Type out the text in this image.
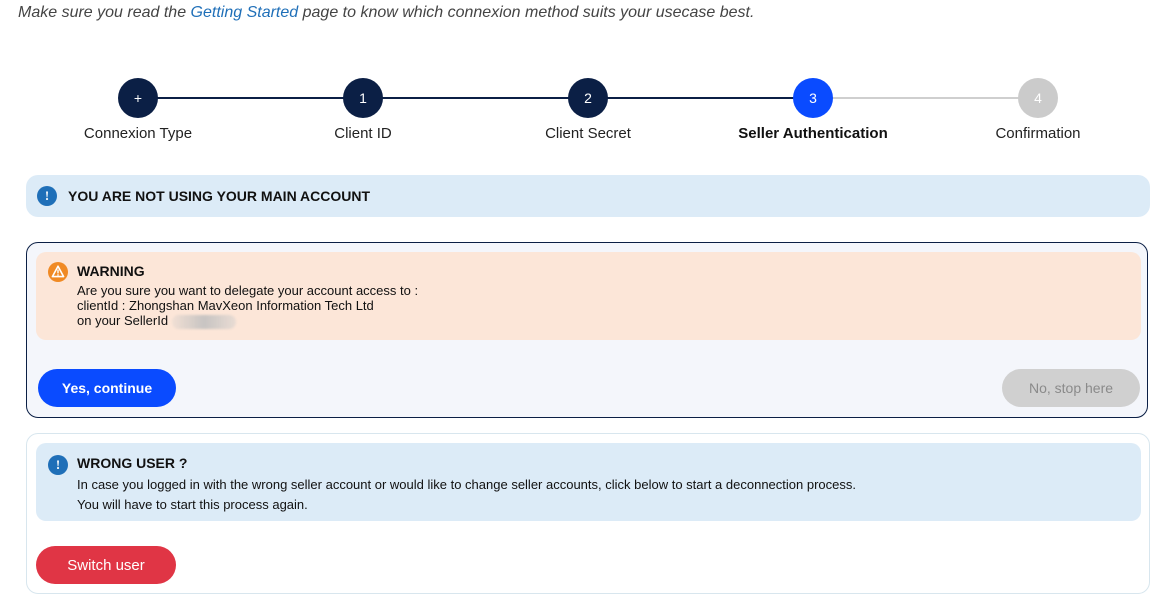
Make sure you read the Getting Started page to know which connexion method suits your usecase best.
+
Connexion Type
1
Client ID
2
Client Secret
3
Seller Authentication
4
Confirmation
!	YOU ARE NOT USING YOUR MAIN ACCOUNT
WARNING
Are you sure you want to delegate your account access to :
clientId : Zhongshan MavXeon Information Tech Ltd
on your SellerId
Yes, continue	No, stop here
!	WRONG USER ?
In case you logged in with the wrong seller account or would like to change seller accounts, click below to start a deconnection process.
You will have to start this process again.
Switch user
